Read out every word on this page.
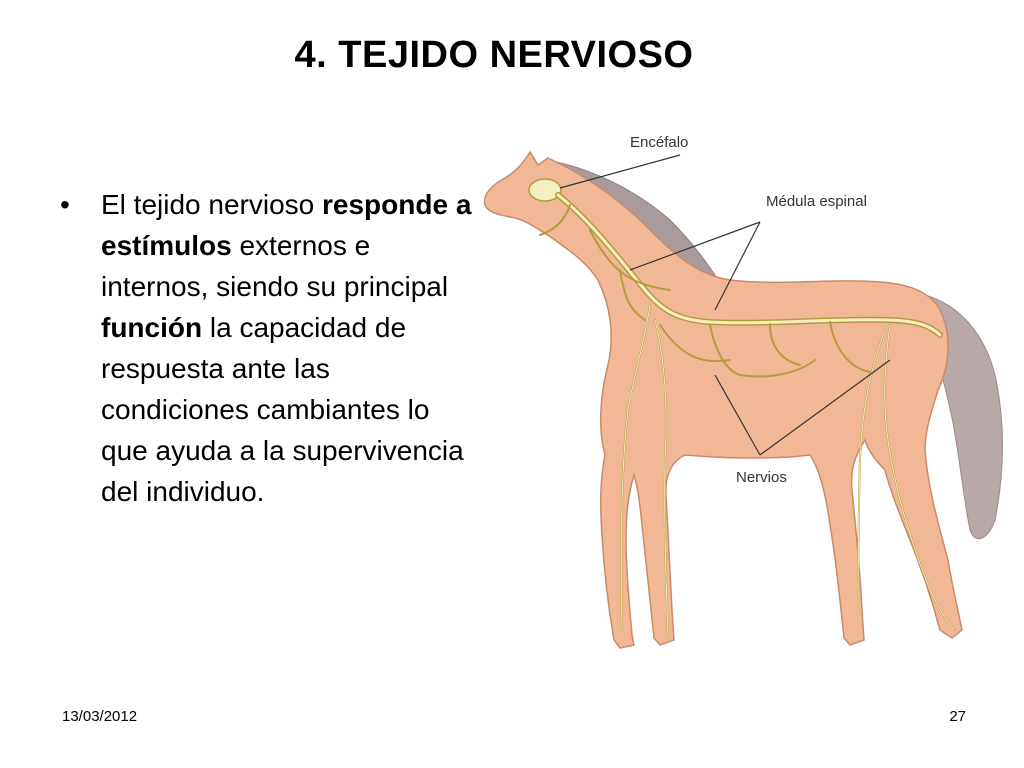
4. TEJIDO NERVIOSO
• El tejido nervioso responde a estímulos externos e internos, siendo su principal función la capacidad de respuesta ante las condiciones cambiantes lo que ayuda a la supervivencia del individuo.
Encéfalo
Médula espinal
Nervios
13/03/2012	27
